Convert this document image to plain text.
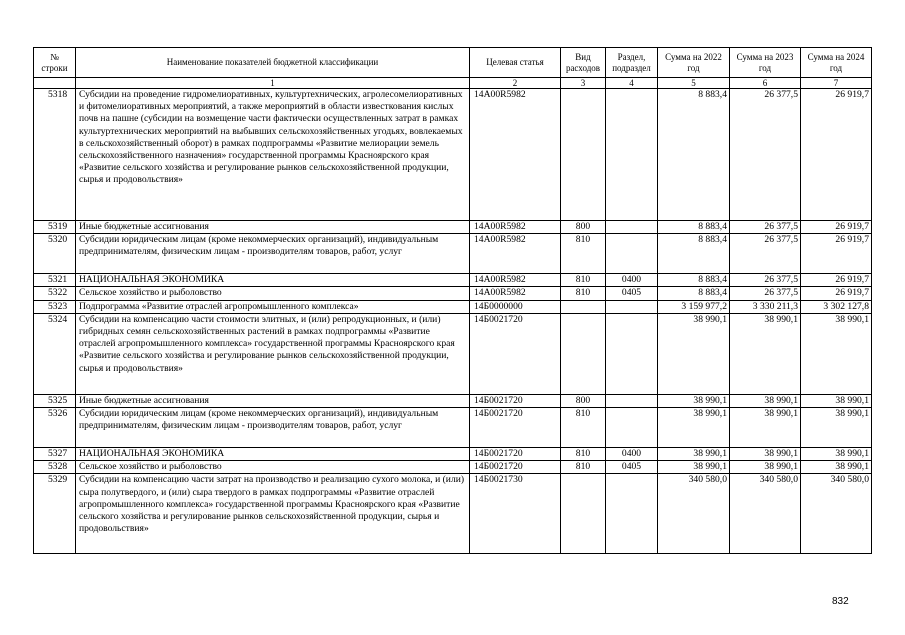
№ строки	Наименование показателей бюджетной классификации	Целевая статья	Вид расходов	Раздел, подраздел	Сумма на 2022 год	Сумма на 2023 год	Сумма на 2024 год
	1	2	3	4	5	6	7
5318	Субсидии на проведение гидромелиоративных, культуртехнических, агролесомелиоративных и фитомелиоративных мероприятий, а также мероприятий в области известкования кислых почв на пашне (субсидии на возмещение части фактически осуществленных затрат в рамках культуртехнических мероприятий на выбывших сельскохозяйственных угодьях, вовлекаемых в сельскохозяйственный оборот) в рамках подпрограммы «Развитие мелиорации земель сельскохозяйственного назначения» государственной программы Красноярского края «Развитие сельского хозяйства и регулирование рынков сельскохозяйственной продукции, сырья и продовольствия»	14А00R5982			8 883,4	26 377,5	26 919,7
5319	Иные бюджетные ассигнования	14А00R5982	800		8 883,4	26 377,5	26 919,7
5320	Субсидии юридическим лицам (кроме некоммерческих организаций), индивидуальным предпринимателям, физическим лицам - производителям товаров, работ, услуг	14А00R5982	810		8 883,4	26 377,5	26 919,7
5321	НАЦИОНАЛЬНАЯ ЭКОНОМИКА	14А00R5982	810	0400	8 883,4	26 377,5	26 919,7
5322	Сельское хозяйство и рыболовство	14А00R5982	810	0405	8 883,4	26 377,5	26 919,7
5323	Подпрограмма «Развитие отраслей агропромышленного комплекса»	14Б0000000			3 159 977,2	3 330 211,3	3 302 127,8
5324	Субсидии на компенсацию части стоимости элитных, и (или) репродукционных, и (или) гибридных семян сельскохозяйственных растений в рамках подпрограммы «Развитие отраслей агропромышленного комплекса» государственной программы Красноярского края «Развитие сельского хозяйства и регулирование рынков сельскохозяйственной продукции, сырья и продовольствия»	14Б0021720			38 990,1	38 990,1	38 990,1
5325	Иные бюджетные ассигнования	14Б0021720	800		38 990,1	38 990,1	38 990,1
5326	Субсидии юридическим лицам (кроме некоммерческих организаций), индивидуальным предпринимателям, физическим лицам - производителям товаров, работ, услуг	14Б0021720	810		38 990,1	38 990,1	38 990,1
5327	НАЦИОНАЛЬНАЯ ЭКОНОМИКА	14Б0021720	810	0400	38 990,1	38 990,1	38 990,1
5328	Сельское хозяйство и рыболовство	14Б0021720	810	0405	38 990,1	38 990,1	38 990,1
5329	Субсидии на компенсацию части затрат на производство и реализацию сухого молока, и (или) сыра полутвердого, и (или) сыра твердого в рамках подпрограммы «Развитие отраслей агропромышленного комплекса» государственной программы Красноярского края «Развитие сельского хозяйства и регулирование рынков сельскохозяйственной продукции, сырья и продовольствия»	14Б0021730			340 580,0	340 580,0	340 580,0
832
